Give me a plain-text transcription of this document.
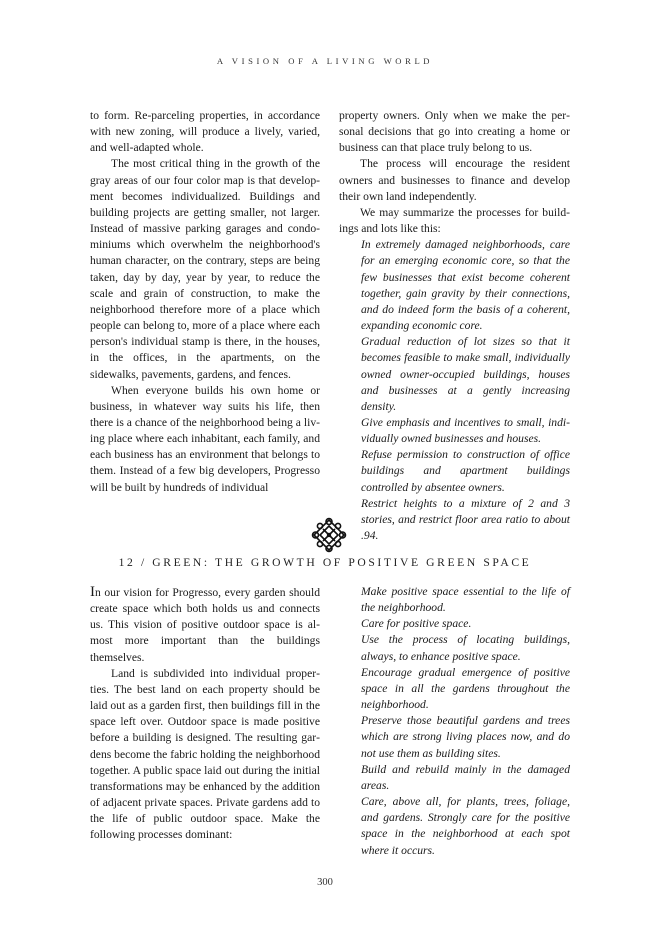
A VISION OF A LIVING WORLD

to form. Re-parceling properties, in accordance with new zoning, will produce a lively, varied, and well-adapted whole.

The most critical thing in the growth of the gray areas of our four color map is that development becomes individualized. Buildings and building projects are getting smaller, not larger. Instead of massive parking garages and condominiums which overwhelm the neighborhood's human character, on the contrary, steps are being taken, day by day, year by year, to reduce the scale and grain of construction, to make the neighborhood therefore more of a place which people can belong to, more of a place where each person's individual stamp is there, in the houses, in the offices, in the apartments, on the sidewalks, pavements, gardens, and fences.

When everyone builds his own home or business, in whatever way suits his life, then there is a chance of the neighborhood being a living place where each inhabitant, each family, and each business has an environment that belongs to them. Instead of a few big developers, Progresso will be built by hundreds of individual

property owners. Only when we make the personal decisions that go into creating a home or business can that place truly belong to us.

The process will encourage the resident owners and businesses to finance and develop their own land independently.

We may summarize the processes for buildings and lots like this:

In extremely damaged neighborhoods, care for an emerging economic core, so that the few businesses that exist become coherent together, gain gravity by their connections, and do indeed form the basis of a coherent, expanding economic core.

Gradual reduction of lot sizes so that it becomes feasible to make small, individually owned owner-occupied buildings, houses and businesses at a gently increasing density.

Give emphasis and incentives to small, individually owned businesses and houses.

Refuse permission to construction of office buildings and apartment buildings controlled by absentee owners.

Restrict heights to a mixture of 2 and 3 stories, and restrict floor area ratio to about .94.

12 / GREEN: THE GROWTH OF POSITIVE GREEN SPACE

In our vision for Progresso, every garden should create space which both holds us and connects us. This vision of positive outdoor space is almost more important than the buildings themselves.

Land is subdivided into individual properties. The best land on each property should be laid out as a garden first, then buildings fill in the space left over. Outdoor space is made positive before a building is designed. The resulting gardens become the fabric holding the neighborhood together. A public space laid out during the initial transformations may be enhanced by the addition of adjacent private spaces. Private gardens add to the life of public outdoor space. Make the following processes dominant:

Make positive space essential to the life of the neighborhood.

Care for positive space.

Use the process of locating buildings, always, to enhance positive space.

Encourage gradual emergence of positive space in all the gardens throughout the neighborhood.

Preserve those beautiful gardens and trees which are strong living places now, and do not use them as building sites.

Build and rebuild mainly in the damaged areas.

Care, above all, for plants, trees, foliage, and gardens. Strongly care for the positive space in the neighborhood at each spot where it occurs.

300
